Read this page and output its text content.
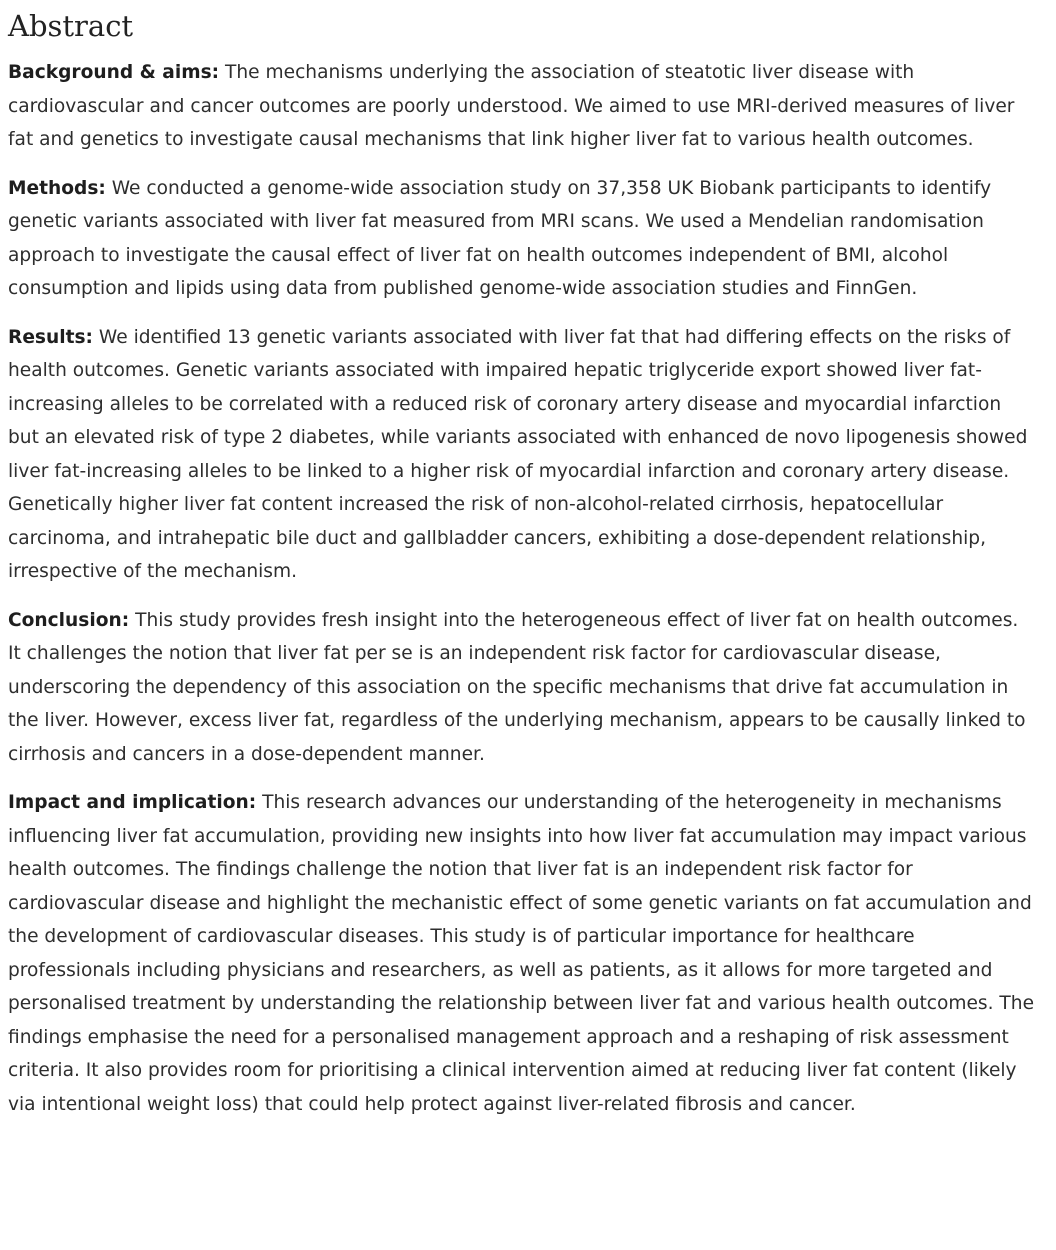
Abstract

Background & aims: The mechanisms underlying the association of steatotic liver disease with cardiovascular and cancer outcomes are poorly understood. We aimed to use MRI-derived measures of liver fat and genetics to investigate causal mechanisms that link higher liver fat to various health outcomes.

Methods: We conducted a genome-wide association study on 37,358 UK Biobank participants to identify genetic variants associated with liver fat measured from MRI scans. We used a Mendelian randomisation approach to investigate the causal effect of liver fat on health outcomes independent of BMI, alcohol consumption and lipids using data from published genome-wide association studies and FinnGen.

Results: We identified 13 genetic variants associated with liver fat that had differing effects on the risks of health outcomes. Genetic variants associated with impaired hepatic triglyceride export showed liver fat-increasing alleles to be correlated with a reduced risk of coronary artery disease and myocardial infarction but an elevated risk of type 2 diabetes, while variants associated with enhanced de novo lipogenesis showed liver fat-increasing alleles to be linked to a higher risk of myocardial infarction and coronary artery disease. Genetically higher liver fat content increased the risk of non-alcohol-related cirrhosis, hepatocellular carcinoma, and intrahepatic bile duct and gallbladder cancers, exhibiting a dose-dependent relationship, irrespective of the mechanism.

Conclusion: This study provides fresh insight into the heterogeneous effect of liver fat on health outcomes. It challenges the notion that liver fat per se is an independent risk factor for cardiovascular disease, underscoring the dependency of this association on the specific mechanisms that drive fat accumulation in the liver. However, excess liver fat, regardless of the underlying mechanism, appears to be causally linked to cirrhosis and cancers in a dose-dependent manner.

Impact and implication: This research advances our understanding of the heterogeneity in mechanisms influencing liver fat accumulation, providing new insights into how liver fat accumulation may impact various health outcomes. The findings challenge the notion that liver fat is an independent risk factor for cardiovascular disease and highlight the mechanistic effect of some genetic variants on fat accumulation and the development of cardiovascular diseases. This study is of particular importance for healthcare professionals including physicians and researchers, as well as patients, as it allows for more targeted and personalised treatment by understanding the relationship between liver fat and various health outcomes. The findings emphasise the need for a personalised management approach and a reshaping of risk assessment criteria. It also provides room for prioritising a clinical intervention aimed at reducing liver fat content (likely via intentional weight loss) that could help protect against liver-related fibrosis and cancer.
